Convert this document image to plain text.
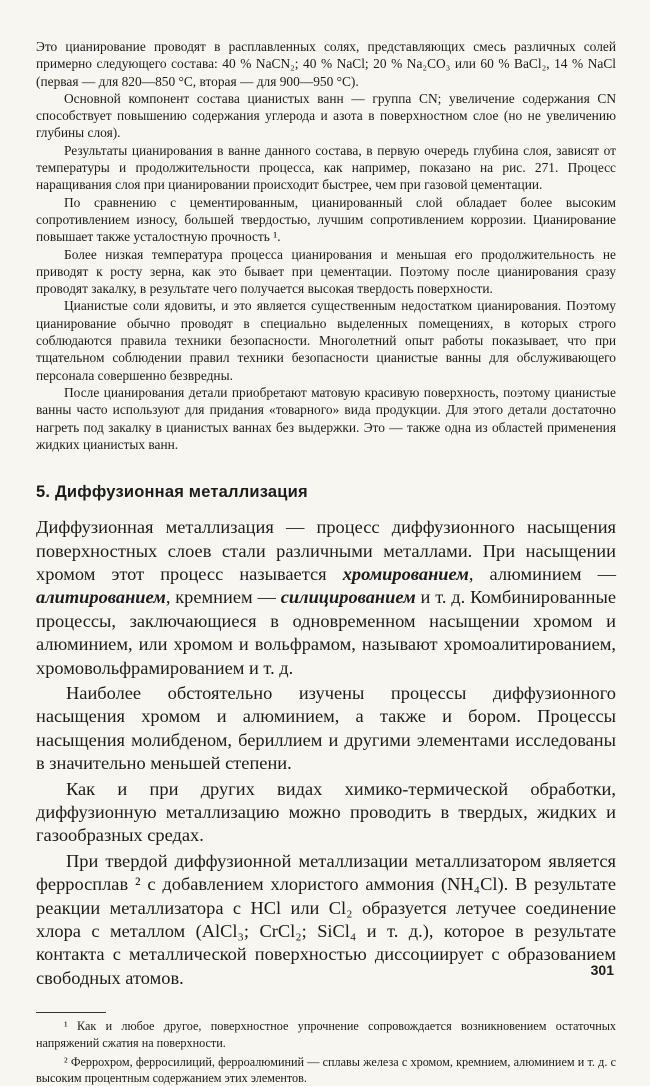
Это цианирование проводят в расплавленных солях, представляющих смесь различных солей примерно следующего состава: 40 % NaCN₂; 40 % NaCl; 20 % Na₂CO₃ или 60 % BaCl₂, 14 % NaCl (первая — для 820—850 °С, вторая — для 900—950 °С).

Основной компонент состава цианистых ванн — группа CN; увеличение содержания CN способствует повышению содержания углерода и азота в поверхностном слое (но не увеличению глубины слоя).

Результаты цианирования в ванне данного состава, в первую очередь глубина слоя, зависят от температуры и продолжительности процесса, как например, показано на рис. 271. Процесс наращивания слоя при цианировании происходит быстрее, чем при газовой цементации.

По сравнению с цементированным, цианированный слой обладает более высоким сопротивлением износу, большей твердостью, лучшим сопротивлением коррозии. Цианирование повышает также усталостную прочность ¹.

Более низкая температура процесса цианирования и меньшая его продолжительность не приводят к росту зерна, как это бывает при цементации. Поэтому после цианирования сразу проводят закалку, в результате чего получается высокая твердость поверхности.

Цианистые соли ядовиты, и это является существенным недостатком цианирования. Поэтому цианирование обычно проводят в специально выделенных помещениях, в которых строго соблюдаются правила техники безопасности. Многолетний опыт работы показывает, что при тщательном соблюдении правил техники безопасности цианистые ванны для обслуживающего персонала совершенно безвредны.

После цианирования детали приобретают матовую красивую поверхность, поэтому цианистые ванны часто используют для придания «товарного» вида продукции. Для этого детали достаточно нагреть под закалку в цианистых ваннах без выдержки. Это — также одна из областей применения жидких цианистых ванн.

5. Диффузионная металлизация

Диффузионная металлизация — процесс диффузионного насыщения поверхностных слоев стали различными металлами. При насыщении хромом этот процесс называется хромированием, алюминием — алитированием, кремнием — силицированием и т. д. Комбинированные процессы, заключающиеся в одновременном насыщении хромом и алюминием, или хромом и вольфрамом, называют хромоалитированием, хромовольфрамированием и т. д.

Наиболее обстоятельно изучены процессы диффузионного насыщения хромом и алюминием, а также и бором. Процессы насыщения молибденом, бериллием и другими элементами исследованы в значительно меньшей степени.

Как и при других видах химико-термической обработки, диффузионную металлизацию можно проводить в твердых, жидких и газообразных средах.

При твердой диффузионной металлизации металлизатором является ферросплав ² с добавлением хлористого аммония (NH₄Cl). В результате реакции металлизатора с HCl или Cl₂ образуется летучее соединение хлора с металлом (AlCl₃; CrCl₂; SiCl₄ и т. д.), которое в результате контакта с металлической поверхностью диссоциирует с образованием свободных атомов.

¹ Как и любое другое, поверхностное упрочнение сопровождается возникновением остаточных напряжений сжатия на поверхности.

² Феррохром, ферросилиций, ферроалюминий — сплавы железа с хромом, кремнием, алюминием и т. д. с высоким процентным содержанием этих элементов.

301
